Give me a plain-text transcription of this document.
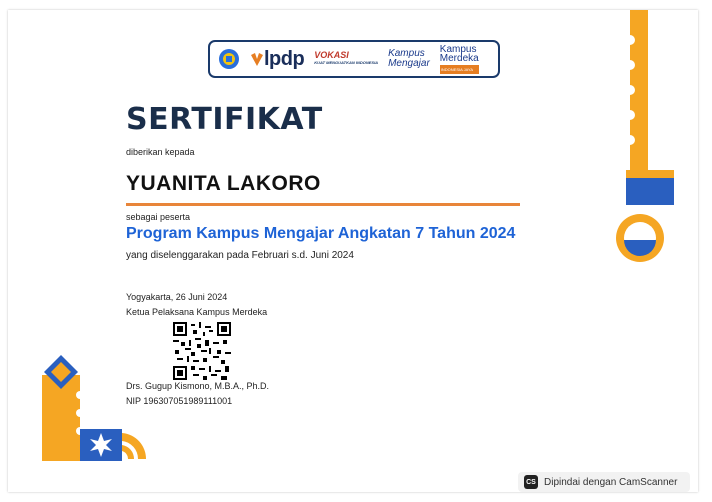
lpdp VOKASI
KUAT MENGUATKAN INDONESIA
Kampus
Mengajar
Kampus
Merdeka
INDONESIA JAYA
SERTIFIKAT
diberikan kepada
YUANITA LAKORO
sebagai peserta
Program Kampus Mengajar Angkatan 7 Tahun 2024
yang diselenggarakan pada Februari s.d. Juni 2024
Yogyakarta, 26 Juni 2024
Ketua Pelaksana Kampus Merdeka
Drs. Gugup Kismono, M.B.A., Ph.D.
NIP 196307051989111001
CS Dipindai dengan CamScanner
